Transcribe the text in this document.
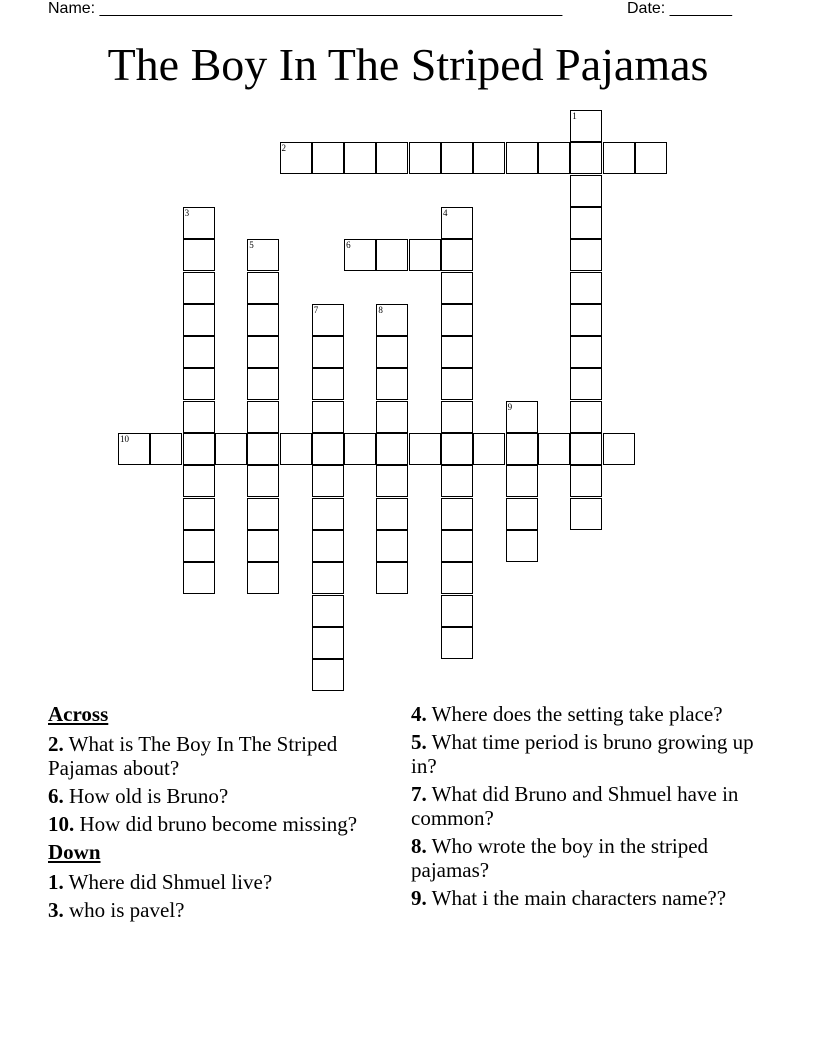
Name: ____________________________________________________	Date: _______
The Boy In The Striped Pajamas
1
2
3	4
5	6
7	8
9
10
Across
2. What is The Boy In The Striped Pajamas about?
6. How old is Bruno?
10. How did bruno become missing?
Down
1. Where did Shmuel live?
3. who is pavel?
4. Where does the setting take place?
5. What time period is bruno growing up in?
7. What did Bruno and Shmuel have in common?
8. Who wrote the boy in the striped pajamas?
9. What i the main characters name??
